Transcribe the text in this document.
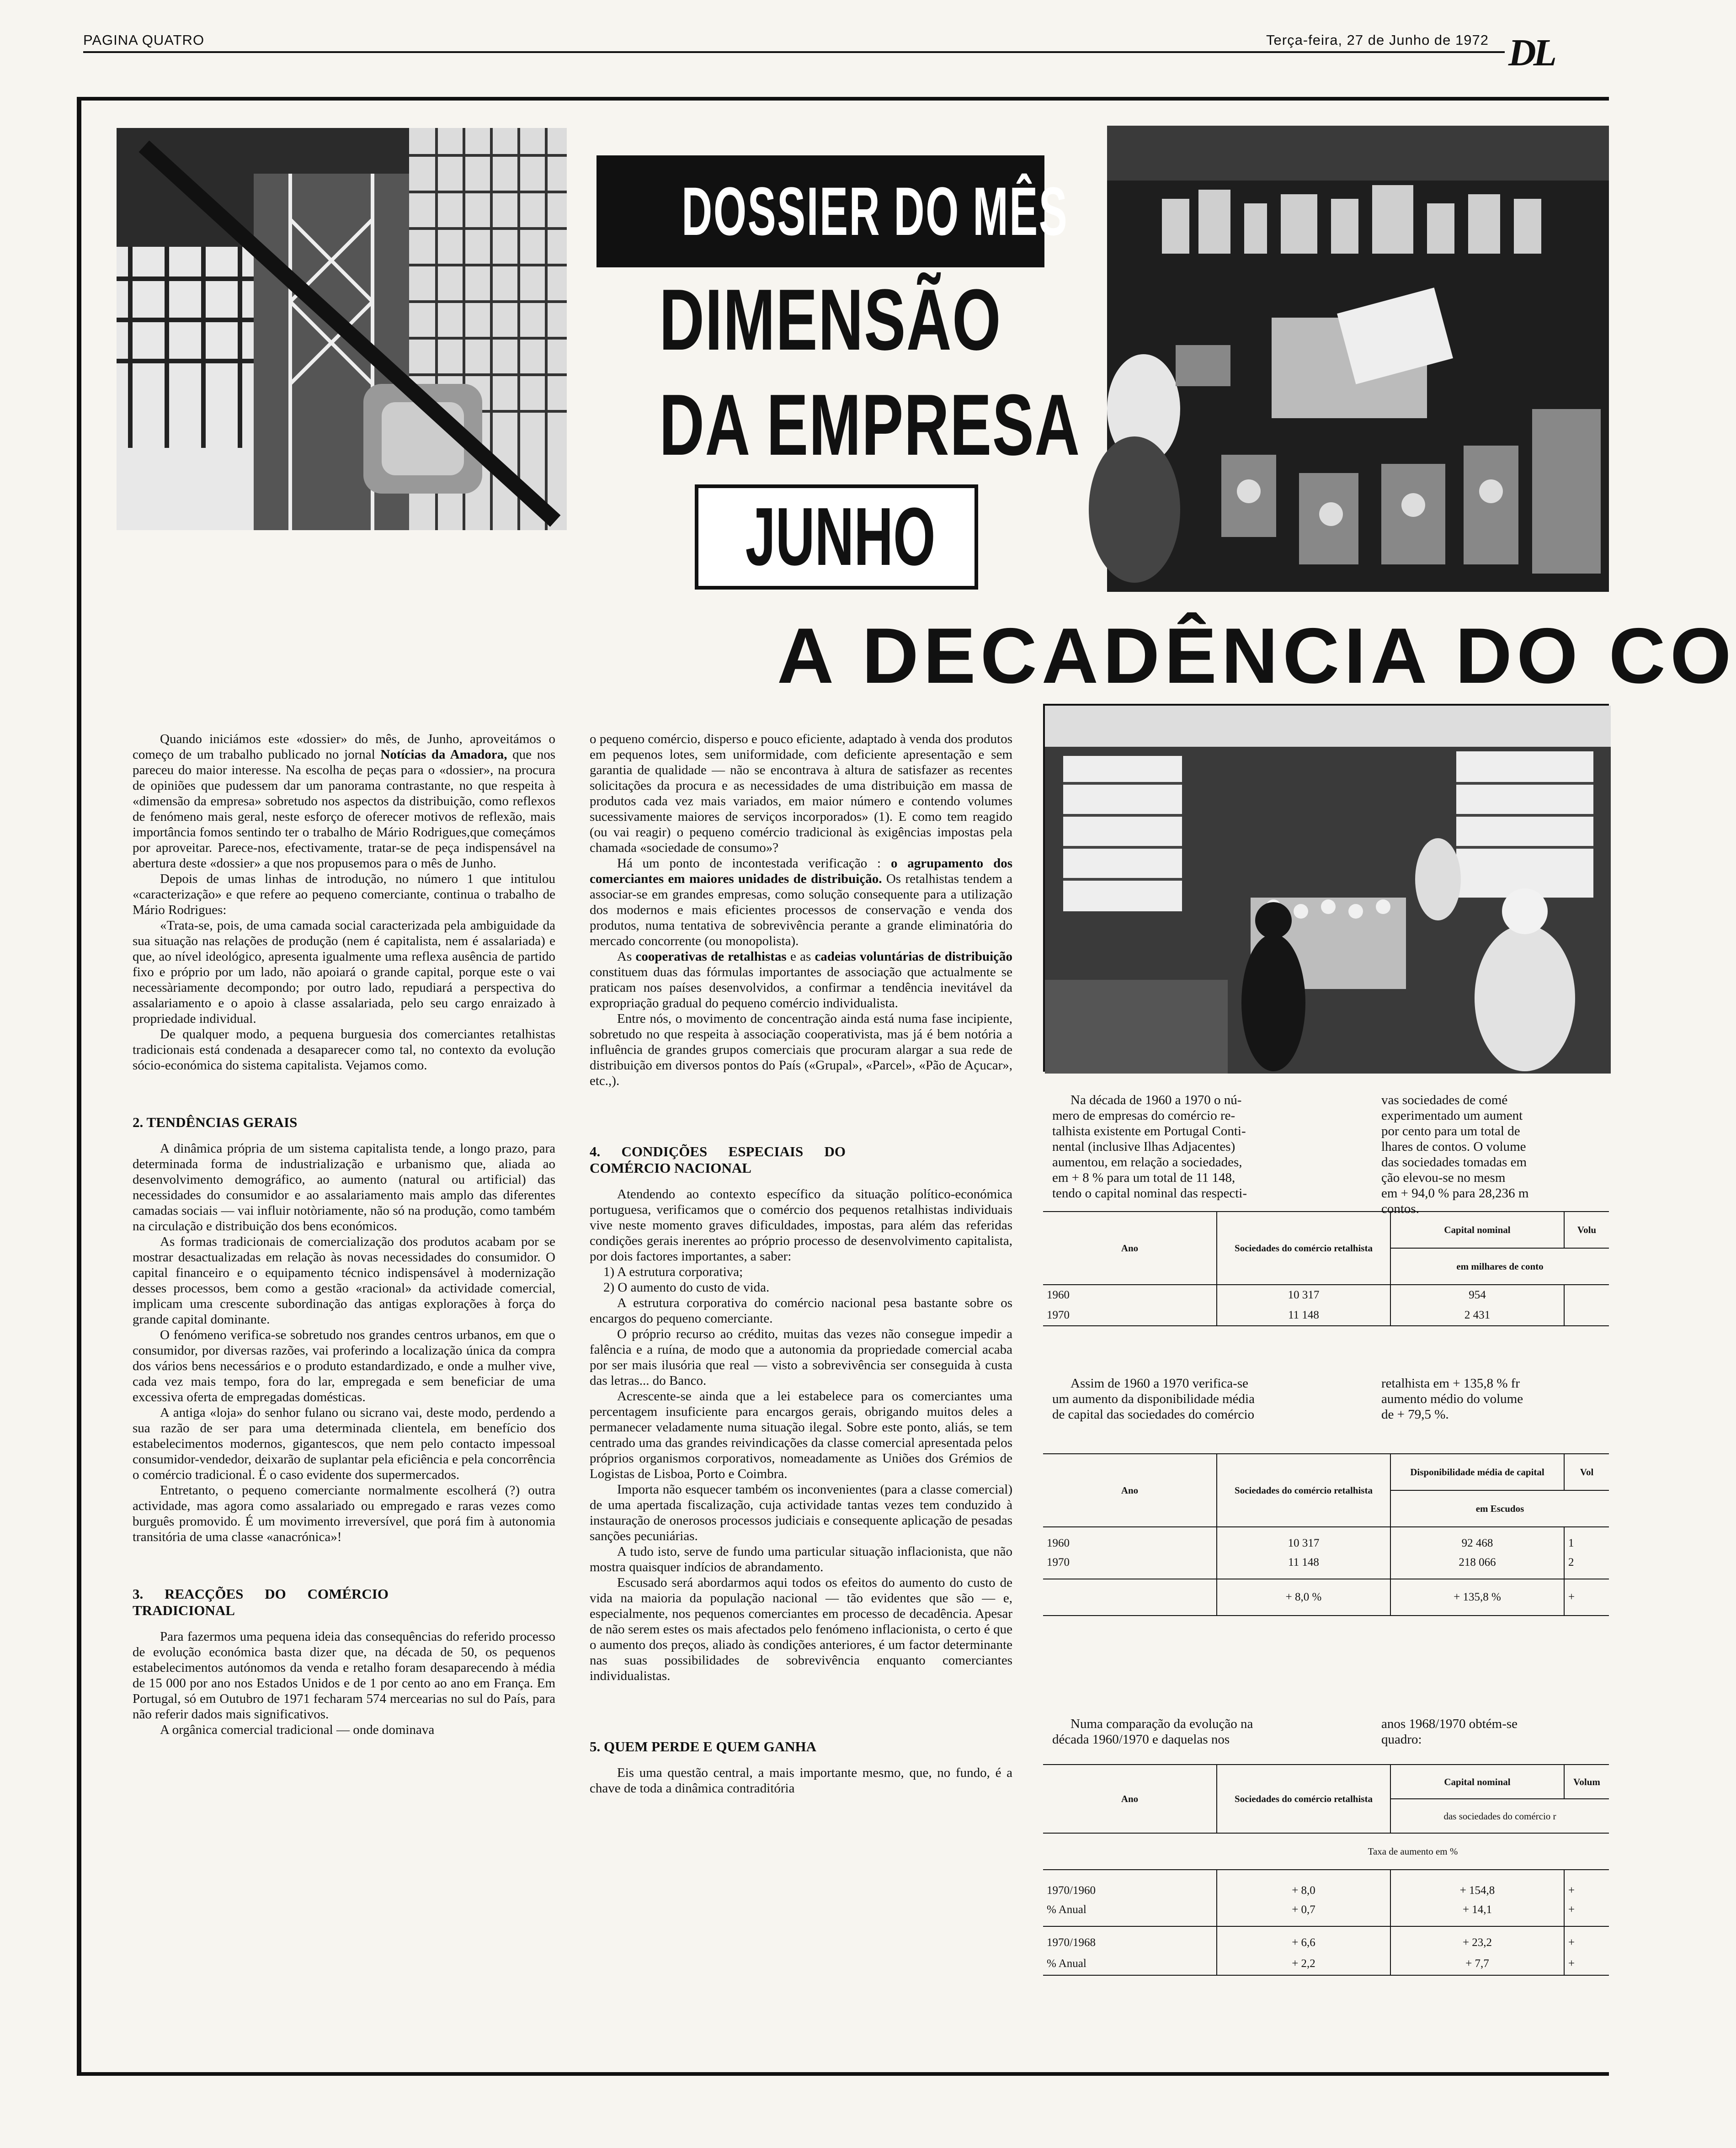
PAGINA QUATRO	Terça-feira, 27 de Junho de 1972 DL
DOSSIER DO MÊS
DIMENSÃO
DA EMPRESA
JUNHO
A DECADÊNCIA DO CO

Quando iniciámos este «dossier» do mês, de Junho, aproveitámos o começo de um trabalho publicado no jornal Notícias da Amadora, que nos pareceu do maior interesse. Na escolha de peças para o «dossier», na procura de opiniões que pudessem dar um panorama contrastante, no que respeita à «dimensão da empresa» sobretudo nos aspectos da distribuição, como reflexos de fenómeno mais geral, neste esforço de oferecer motivos de reflexão, mais importância fomos sentindo ter o trabalho de Mário Rodrigues,que começámos por aproveitar. Parece-nos, efectivamente, tratar-se de peça indispensável na abertura deste «dossier» a que nos propusemos para o mês de Junho.

Depois de umas linhas de introdução, no número 1 que intitulou «caracterização» e que refere ao pequeno comerciante, continua o trabalho de Mário Rodrigues:

«Trata-se, pois, de uma camada social caracterizada pela ambiguidade da sua situação nas relações de produção (nem é capitalista, nem é assalariada) e que, ao nível ideológico, apresenta igualmente uma reflexa ausência de partido fixo e próprio por um lado, não apoiará o grande capital, porque este o vai necessàriamente decompondo; por outro lado, repudiará a perspectiva do assalariamento e o apoio à classe assalariada, pelo seu cargo enraizado à propriedade individual.

De qualquer modo, a pequena burguesia dos comerciantes retalhistas tradicionais está condenada a desaparecer como tal, no contexto da evolução sócio-económica do sistema capitalista. Vejamos como.

2. TENDÊNCIAS GERAIS

A dinâmica própria de um sistema capitalista tende, a longo prazo, para determinada forma de industrialização e urbanismo que, aliada ao desenvolvimento demográfico, ao aumento (natural ou artificial) das necessidades do consumidor e ao assalariamento mais amplo das diferentes camadas sociais — vai influir notòriamente, não só na produção, como também na circulação e distribuição dos bens económicos.

As formas tradicionais de comercialização dos produtos acabam por se mostrar desactualizadas em relação às novas necessidades do consumidor. O capital financeiro e o equipamento técnico indispensável à modernização desses processos, bem como a gestão «racional» da actividade comercial, implicam uma crescente subordinação das antigas explorações à força do grande capital dominante.

O fenómeno verifica-se sobretudo nos grandes centros urbanos, em que o consumidor, por diversas razões, vai proferindo a localização única da compra dos vários bens necessários e o produto estandardizado, e onde a mulher vive, cada vez mais tempo, fora do lar, empregada e sem beneficiar de uma excessiva oferta de empregadas domésticas.

A antiga «loja» do senhor fulano ou sicrano vai, deste modo, perdendo a sua razão de ser para uma determinada clientela, em benefício dos estabelecimentos modernos, gigantescos, que nem pelo contacto impessoal consumidor-vendedor, deixarão de suplantar pela eficiência e pela concorrência o comércio tradicional. É o caso evidente dos supermercados.

Entretanto, o pequeno comerciante normalmente escolherá (?) outra actividade, mas agora como assalariado ou empregado e raras vezes como burguês promovido. É um movimento irreversível, que porá fim à autonomia transitória de uma classe «anacrónica»!

3. REACÇÕES DO COMÉRCIO TRADICIONAL

Para fazermos uma pequena ideia das consequências do referido processo de evolução económica basta dizer que, na década de 50, os pequenos estabelecimentos autónomos da venda e retalho foram desaparecendo à média de 15 000 por ano nos Estados Unidos e de 1 por cento ao ano em França. Em Portugal, só em Outubro de 1971 fecharam 574 mercearias no sul do País, para não referir dados mais significativos.

A orgânica comercial tradicional — onde dominava

o pequeno comércio, disperso e pouco eficiente, adaptado à venda dos produtos em pequenos lotes, sem uniformidade, com deficiente apresentação e sem garantia de qualidade — não se encontrava à altura de satisfazer as recentes solicitações da procura e as necessidades de uma distribuição em massa de produtos cada vez mais variados, em maior número e contendo volumes sucessivamente maiores de serviços incorporados» (1). E como tem reagido (ou vai reagir) o pequeno comércio tradicional às exigências impostas pela chamada «sociedade de consumo»?

Há um ponto de incontestada verificação : o agrupamento dos comerciantes em maiores unidades de distribuição. Os retalhistas tendem a associar-se em grandes empresas, como solução consequente para a utilização dos modernos e mais eficientes processos de conservação e venda dos produtos, numa tentativa de sobrevivência perante a grande eliminatória do mercado concorrente (ou monopolista).

As cooperativas de retalhistas e as cadeias voluntárias de distribuição constituem duas das fórmulas importantes de associação que actualmente se praticam nos países desenvolvidos, a confirmar a tendência inevitável da expropriação gradual do pequeno comércio individualista.

Entre nós, o movimento de concentração ainda está numa fase incipiente, sobretudo no que respeita à associação cooperativista, mas já é bem notória a influência de grandes grupos comerciais que procuram alargar a sua rede de distribuição em diversos pontos do País («Grupal», «Parcel», «Pão de Açucar», etc.,).

4. CONDIÇÕES ESPECIAIS DO COMÉRCIO NACIONAL

Atendendo ao contexto específico da situação político-económica portuguesa, verificamos que o comércio dos pequenos retalhistas individuais vive neste momento graves dificuldades, impostas, para além das referidas condições gerais inerentes ao próprio processo de desenvolvimento capitalista, por dois factores importantes, a saber:

1) A estrutura corporativa;

2) O aumento do custo de vida.

A estrutura corporativa do comércio nacional pesa bastante sobre os encargos do pequeno comerciante.

O próprio recurso ao crédito, muitas das vezes não consegue impedir a falência e a ruína, de modo que a autonomia da propriedade comercial acaba por ser mais ilusória que real — visto a sobrevivência ser conseguida à custa das letras... do Banco.

Acrescente-se ainda que a lei estabelece para os comerciantes uma percentagem insuficiente para encargos gerais, obrigando muitos deles a permanecer veladamente numa situação ilegal. Sobre este ponto, aliás, se tem centrado uma das grandes reivindicações da classe comercial apresentada pelos próprios organismos corporativos, nomeadamente as Uniões dos Grémios de Logistas de Lisboa, Porto e Coimbra.

Importa não esquecer também os inconvenientes (para a classe comercial) de uma apertada fiscalização, cuja actividade tantas vezes tem conduzido à instauração de onerosos processos judiciais e consequente aplicação de pesadas sanções pecuniárias.

A tudo isto, serve de fundo uma particular situação inflacionista, que não mostra quaisquer indícios de abrandamento.

Escusado será abordarmos aqui todos os efeitos do aumento do custo de vida na maioria da população nacional — tão evidentes que são — e, especialmente, nos pequenos comerciantes em processo de decadência. Apesar de não serem estes os mais afectados pelo fenómeno inflacionista, o certo é que o aumento dos preços, aliado às condições anteriores, é um factor determinante nas suas possibilidades de sobrevivência enquanto comerciantes individualistas.

5. QUEM PERDE E QUEM GANHA

Eis uma questão central, a mais importante mesmo, que, no fundo, é a chave de toda a dinâmica contraditória

Na década de 1960 a 1970 o nú-
mero de empresas do comércio re-
talhista existente em Portugal Conti-
nental (inclusive Ilhas Adjacentes)
aumentou, em relação a sociedades,
em + 8 % para um total de 11 148,
tendo o capital nominal das respecti-
vas sociedades de comé
experimentado um aument
por cento para um total de
lhares de contos. O volume
das sociedades tomadas em
ção elevou-se no mesm
em + 94,0 % para 28,236 m
contos.
Ano	Sociedades do comércio retalhista	Capital nominal	Volu
		em milhares de conto	
1960	10 317	954	
1970	11 148	2 431	
Assim de 1960 a 1970 verifica-se
um aumento da disponibilidade média
de capital das sociedades do comércio
retalhista em + 135,8 % fr
aumento médio do volume
de + 79,5 %.
Ano	Sociedades do comércio retalhista	Disponibilidade média de capital	Vol
		em Escudos	
1960	10 317	92 468	1
1970	11 148	218 066	2
	+ 8,0 %	+ 135,8 %	+
Numa comparação da evolução na
década 1960/1970 e daquelas nos
anos 1968/1970 obtém-se
quadro:
Ano	Sociedades do comércio retalhista	Capital nominal	Volum
		das sociedades do comércio r	
	Taxa de aumento em %		
1970/1960	+ 8,0	+ 154,8	+
% Anual	+ 0,7	+ 14,1	+
1970/1968	+ 6,6	+ 23,2	+
% Anual	+ 2,2	+ 7,7	+
